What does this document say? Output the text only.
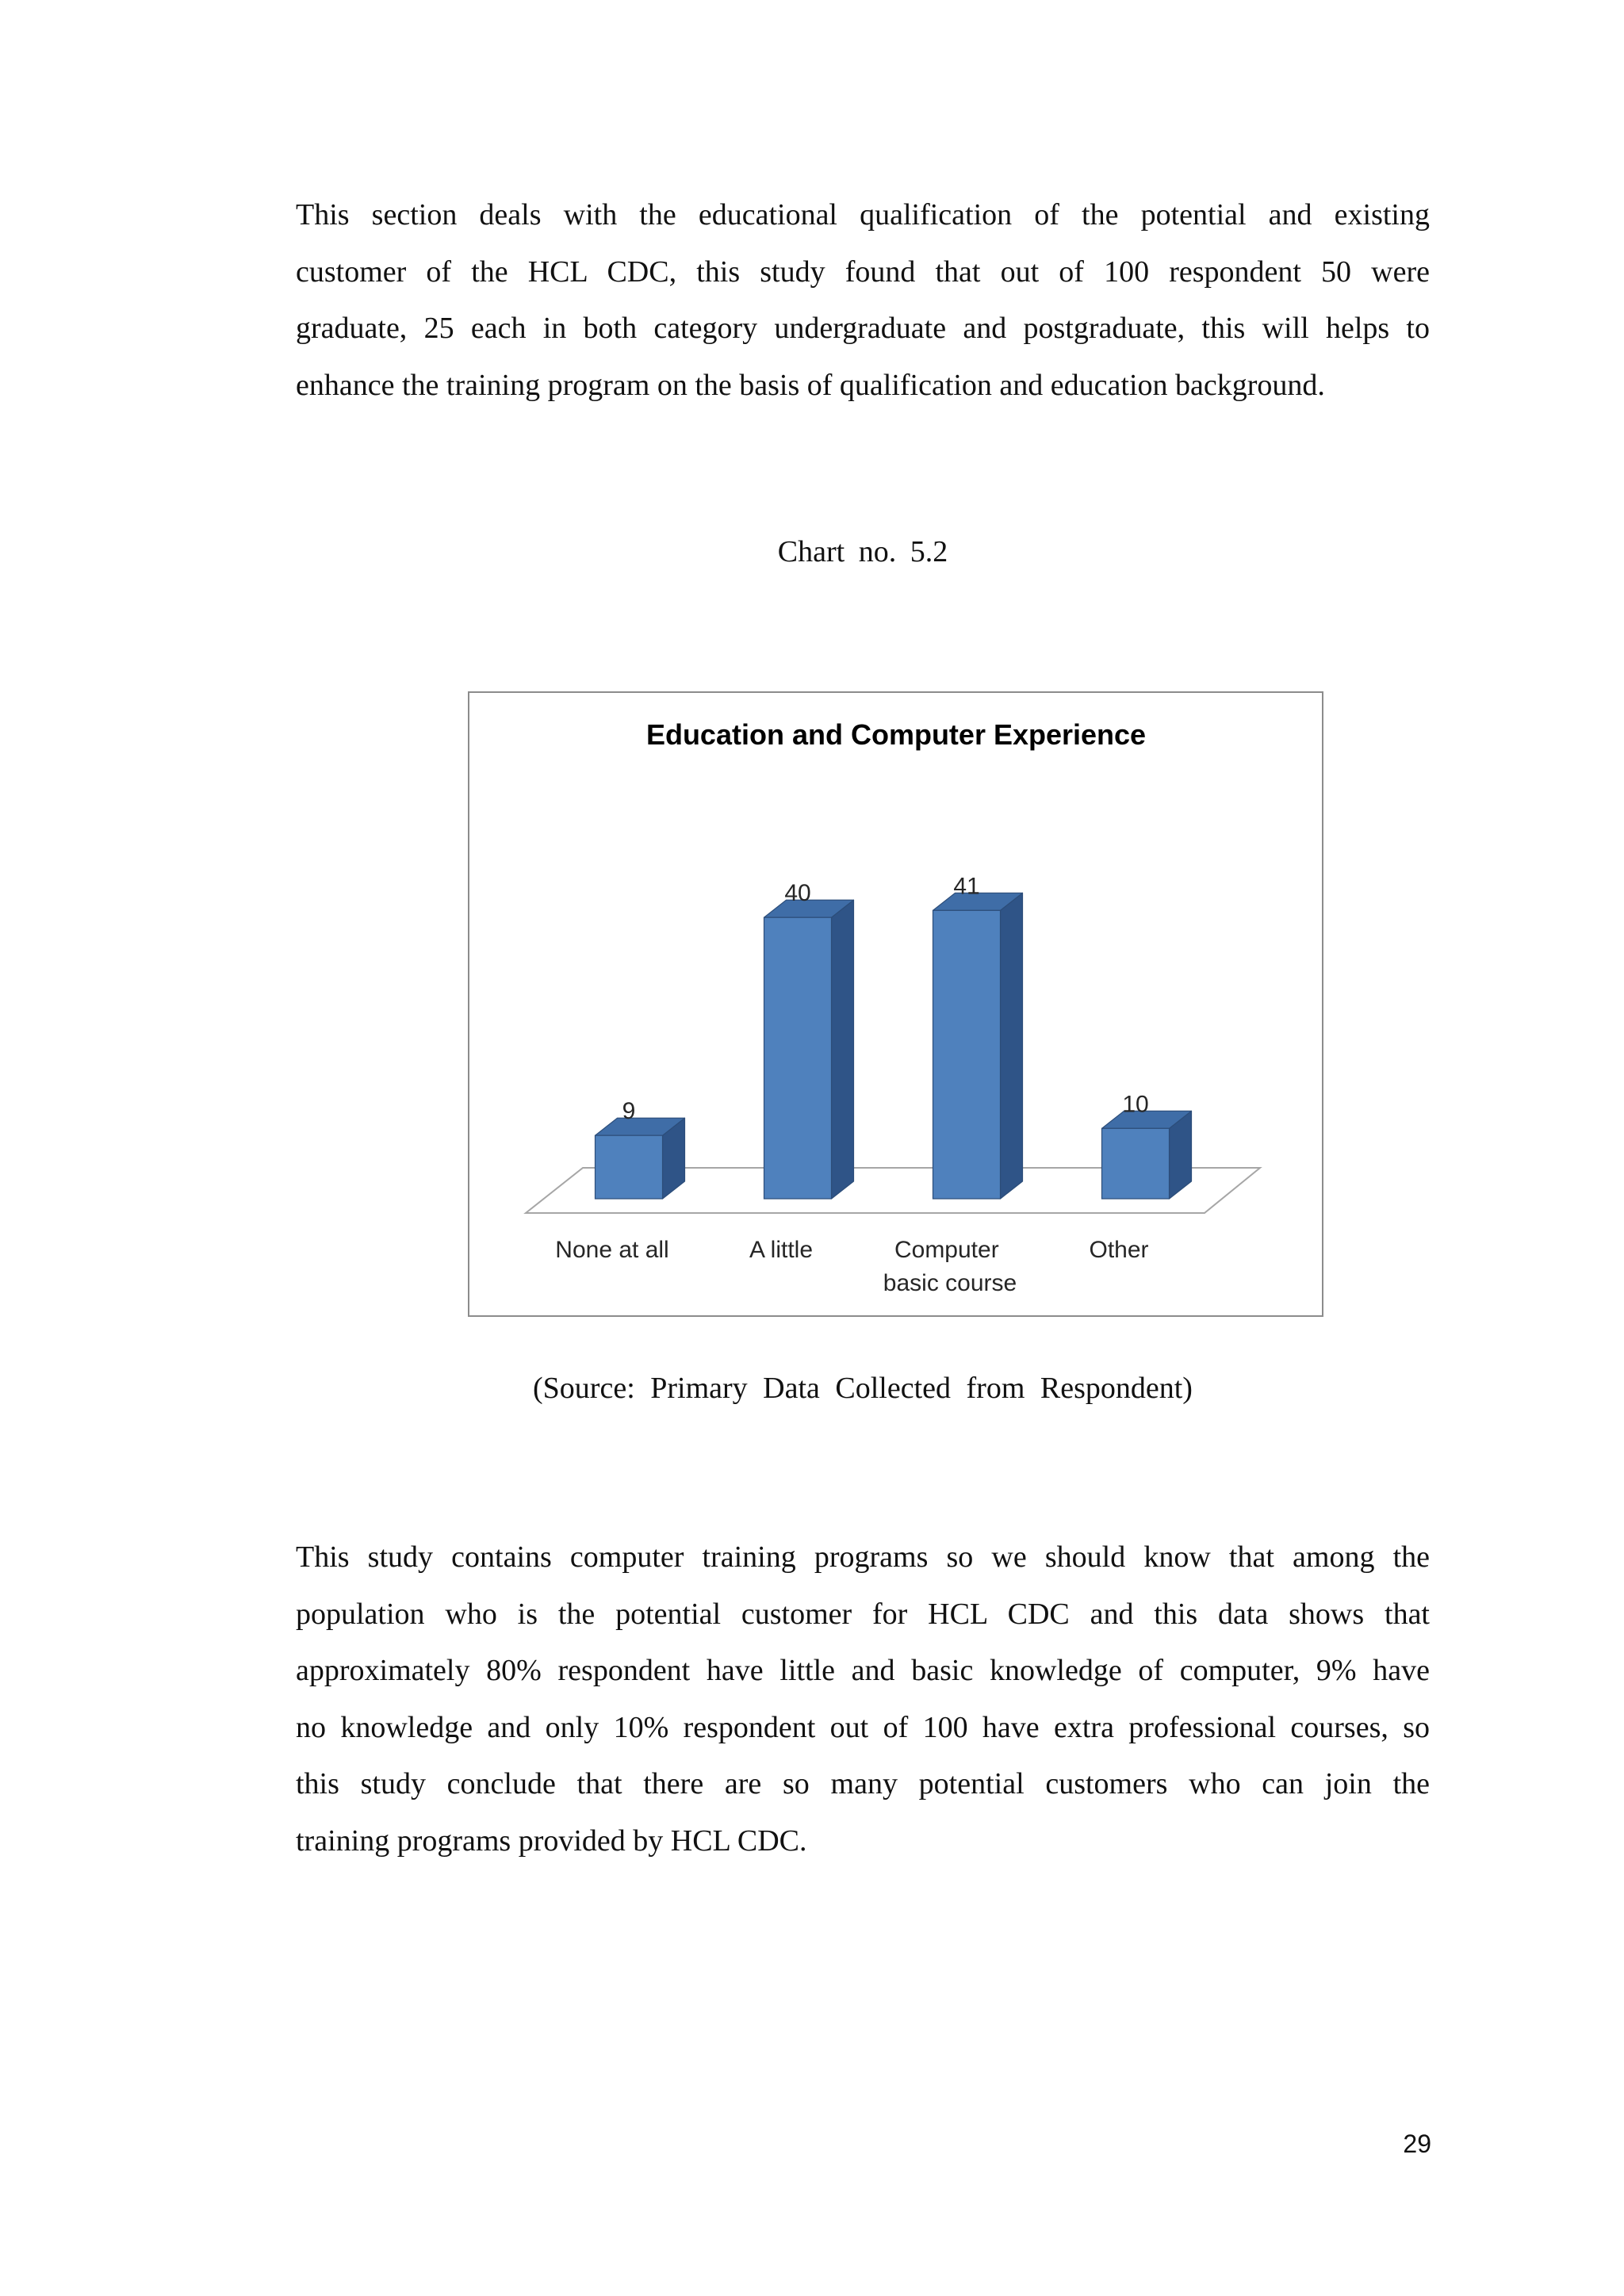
This section deals with the educational qualification of the potential and existing
customer of the HCL CDC, this study found that out of 100 respondent 50 were
graduate, 25 each in both category undergraduate and postgraduate, this will helps to
enhance the training program on the basis of qualification and education background.
Chart no. 5.2
Education and Computer Experience
9
40	41
10
None at all	A little	Computer basic course
Other
(Source: Primary Data Collected from Respondent)
This study contains computer training programs so we should know that among the
population who is the potential customer for HCL CDC and this data shows that
approximately 80% respondent have little and basic knowledge of computer, 9% have
no knowledge and only 10% respondent out of 100 have extra professional courses, so
this study conclude that there are so many potential customers who can join the
training programs provided by HCL CDC.
29
